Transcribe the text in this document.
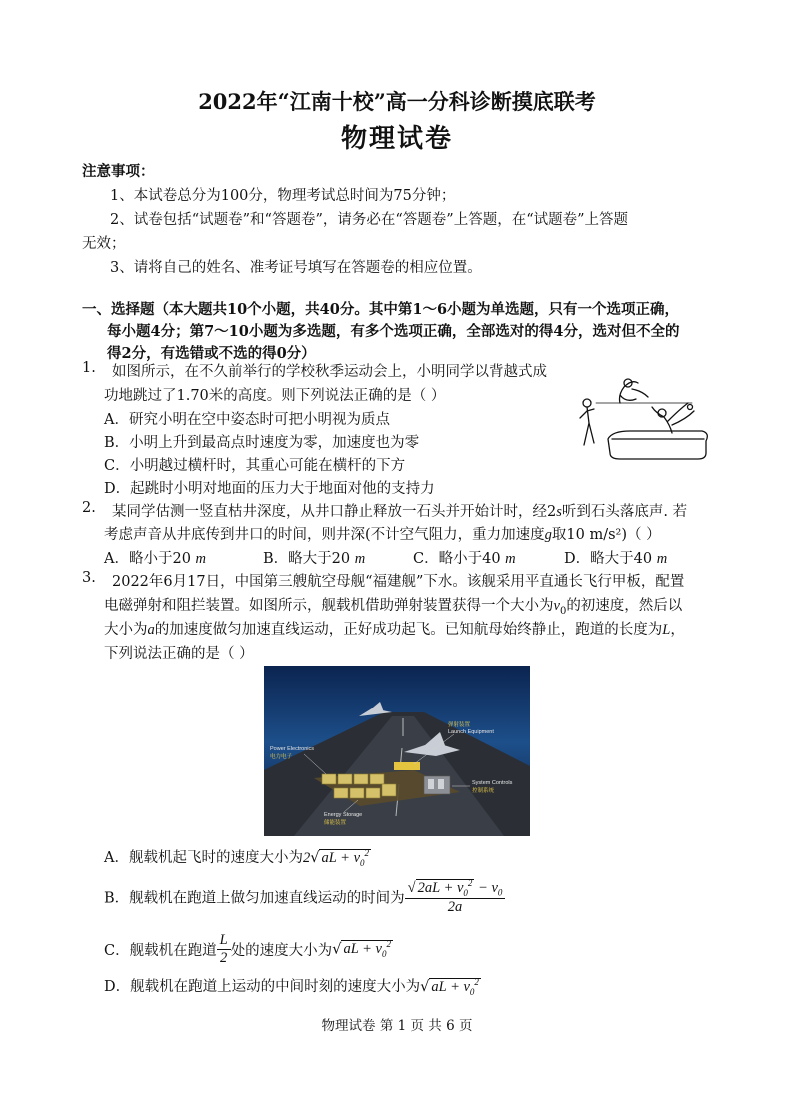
2022年“江南十校”高一分科诊断摸底联考
物理试卷
注意事项：
1、本试卷总分为100分，物理考试总时间为75分钟；
2、试卷包括“试题卷”和“答题卷”，请务必在“答题卷”上答题，在“试题卷”上答题
无效；
3、请将自己的姓名、准考证号填写在答题卷的相应位置。
一、选择题（本大题共10个小题，共40分。其中第1～6小题为单选题，只有一个选项正确，
每小题4分；第7～10小题为多选题，有多个选项正确，全部选对的得4分，选对但不全的
得2分，有选错或不选的得0分）
1. 如图所示，在不久前举行的学校秋季运动会上，小明同学以背越式成
功地跳过了1.70米的高度。则下列说法正确的是（ ）
A．研究小明在空中姿态时可把小明视为质点
B．小明上升到最高点时速度为零，加速度也为零
C．小明越过横杆时，其重心可能在横杆的下方
D．起跳时小明对地面的压力大于地面对他的支持力
2. 某同学估测一竖直枯井深度，从井口静止释放一石头并开始计时，经2s听到石头落底声. 若
考虑声音从井底传到井口的时间，则井深(不计空气阻力，重力加速度g取10 m/s²)（ ）
A．略小于20 m	B．略大于20 m	C．略小于40 m	D．略大于40 m
3. 2022年6月17日，中国第三艘航空母舰“福建舰”下水。该舰采用平直通长飞行甲板，配置
电磁弹射和阻拦装置。如图所示，舰载机借助弹射装置获得一个大小为$v_0$的初速度，然后以
大小为a的加速度做匀加速直线运动，正好成功起飞。已知航母始终静止，跑道的长度为L，
下列说法正确的是（ ）
Power Electronics
电力电子
弹射装置
Launch Equipment
System Controls
控制系统
Energy Storage
储能装置
A．舰载机起飞时的速度大小为2√ aL + $v_0^2$
B．舰载机在跑道上做匀加速直线运动的时间为 $\frac{√ 2aL + v_0^2 - v_0}{2a}$
C．舰载机在跑道 $\frac{L}{2}$ 处的速度大小为√ aL + $v_0^2$
D．舰载机在跑道上运动的中间时刻的速度大小为√ aL + $v_0^2$
物理试卷 第 1 页 共 6 页
